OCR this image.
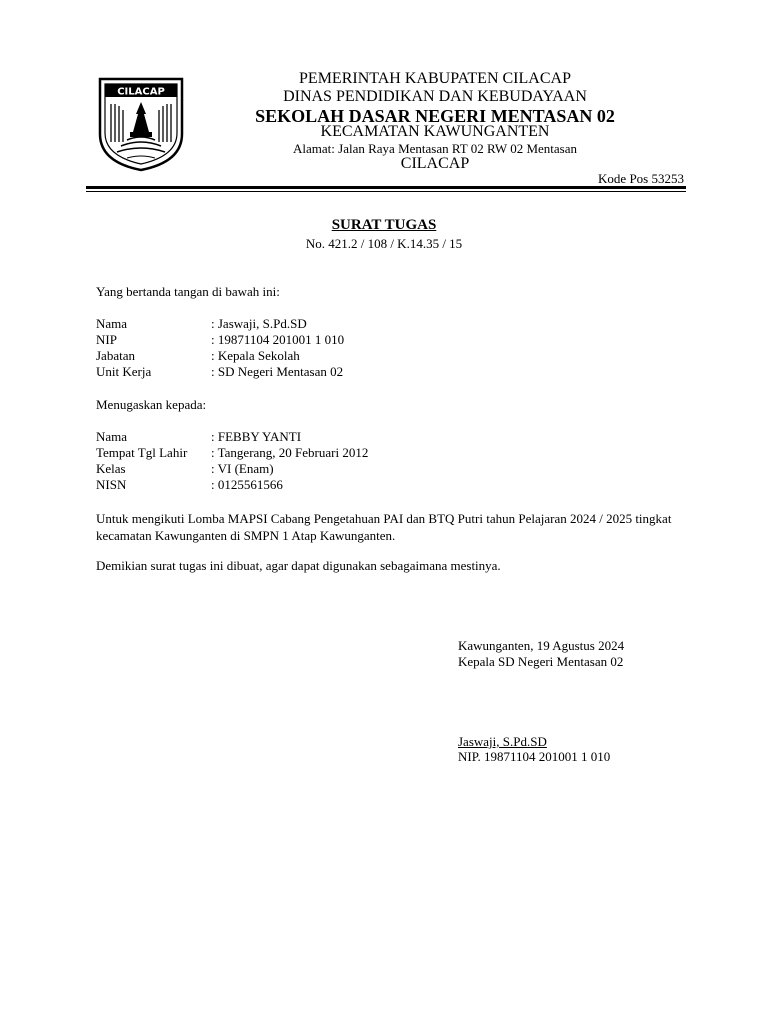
CILACAP
PEMERINTAH KABUPATEN CILACAP
DINAS PENDIDIKAN DAN KEBUDAYAAN
SEKOLAH DASAR NEGERI MENTASAN 02
KECAMATAN KAWUNGANTEN
Alamat: Jalan Raya Mentasan RT 02 RW 02 Mentasan
CILACAP
Kode Pos 53253
SURAT TUGAS
No. 421.2 / 108 / K.14.35 / 15
Yang bertanda tangan di bawah ini:
Nama	: Jaswaji, S.Pd.SD
NIP	: 19871104 201001 1 010
Jabatan	: Kepala Sekolah
Unit Kerja	: SD Negeri Mentasan 02
Menugaskan kepada:
Nama	: FEBBY YANTI
Tempat Tgl Lahir : Tangerang, 20 Februari 2012
Kelas	: VI (Enam)
NISN	: 0125561566
Untuk mengikuti Lomba MAPSI Cabang Pengetahuan PAI dan BTQ Putri tahun Pelajaran 2024 / 2025 tingkat kecamatan Kawunganten di SMPN 1 Atap Kawunganten.
Demikian surat tugas ini dibuat, agar dapat digunakan sebagaimana mestinya.
Kawunganten, 19 Agustus 2024
Kepala SD Negeri Mentasan 02
Jaswaji, S.Pd.SD
NIP. 19871104 201001 1 010
